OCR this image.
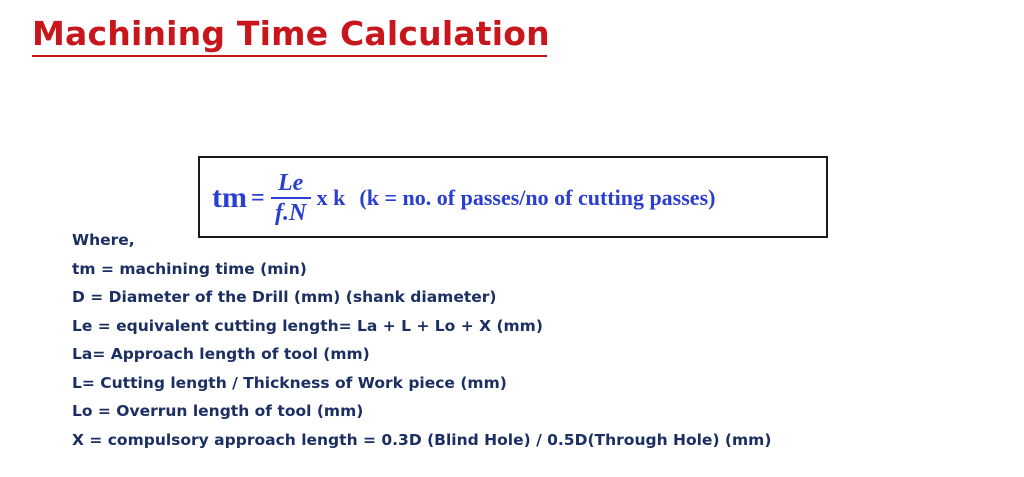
Machining Time Calculation
tm = $\frac{Le}{f.N}$ x k (k = no. of passes/no of cutting passes)
Where,
tm = machining time (min)
D = Diameter of the Drill (mm) (shank diameter)
Le = equivalent cutting length= La + L + Lo + X (mm)
La= Approach length of tool (mm)
L= Cutting length / Thickness of Work piece (mm)
Lo = Overrun length of tool (mm)
X = compulsory approach length = 0.3D (Blind Hole) / 0.5D(Through Hole) (mm)
